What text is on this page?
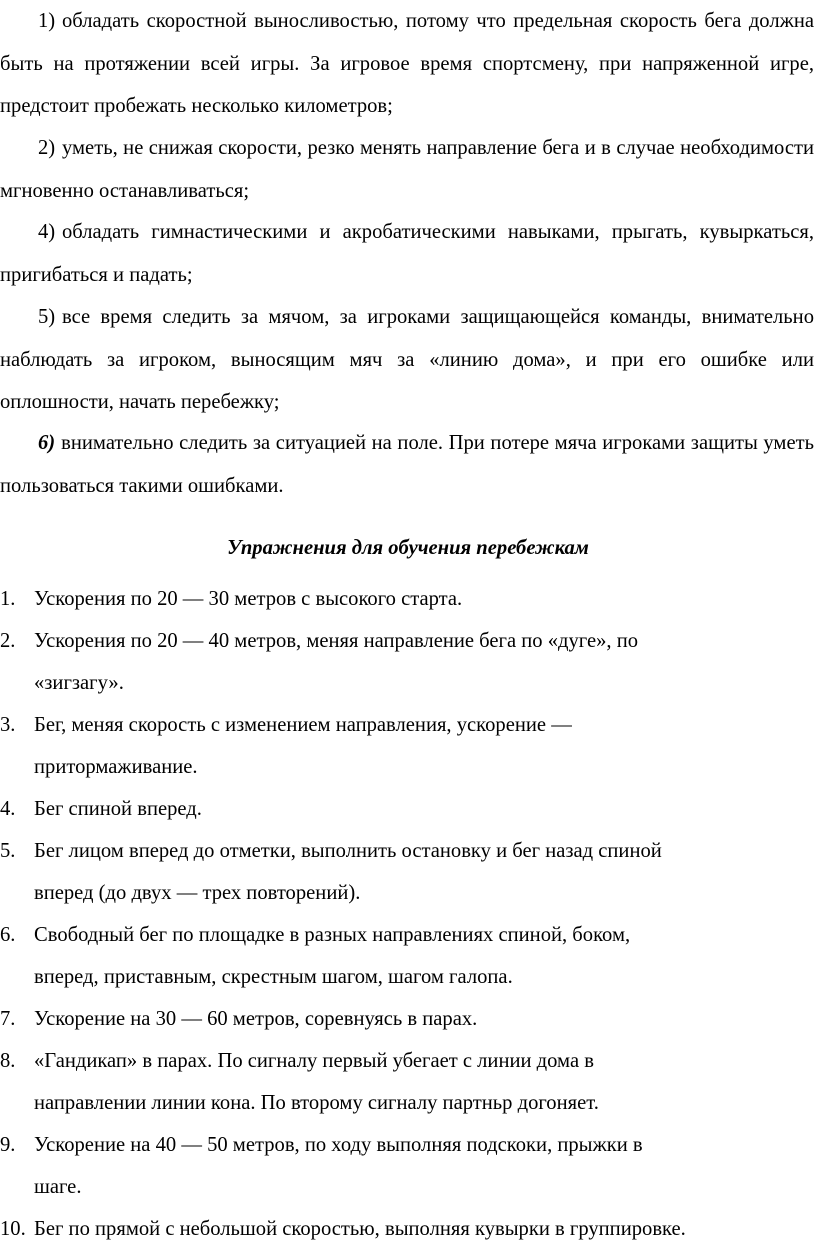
1) обладать скоростной выносливостью, потому что предельная скорость бега должна быть на протяжении всей игры. За игровое время спортсмену, при напряженной игре, предстоит пробежать несколько километров;

2) уметь, не снижая скорости, резко менять направление бега и в случае необходимости мгновенно останавливаться;

4) обладать гимнастическими и акробатическими навыками, прыгать, кувыркаться, пригибаться и падать;

5) все время следить за мячом, за игроками защищающейся команды, внимательно наблюдать за игроком, выносящим мяч за «линию дома», и при его ошибке или оплошности, начать перебежку;

6) внимательно следить за ситуацией на поле. При потере мяча игроками защиты уметь пользоваться такими ошибками.

Упражнения для обучения перебежкам

1. Ускорения по 20 — 30 метров с высокого старта.
2. Ускорения по 20 — 40 метров, меняя направление бега по «дуге», по
«зигзагу».
3. Бег, меняя скорость с изменением направления, ускорение —
притормаживание.
4. Бег спиной вперед.
5. Бег лицом вперед до отметки, выполнить остановку и бег назад спиной
вперед (до двух — трех повторений).
6. Свободный бег по площадке в разных направлениях спиной, боком,
вперед, приставным, скрестным шагом, шагом галопа.
7. Ускорение на 30 — 60 метров, соревнуясь в парах.
8. «Гандикап» в парах. По сигналу первый убегает с линии дома в
направлении линии кона. По второму сигналу партньр догоняет.
9. Ускорение на 40 — 50 метров, по ходу выполняя подскоки, прыжки в
шаге.
10. Бег по прямой с небольшой скоростью, выполняя кувырки в группировке.
